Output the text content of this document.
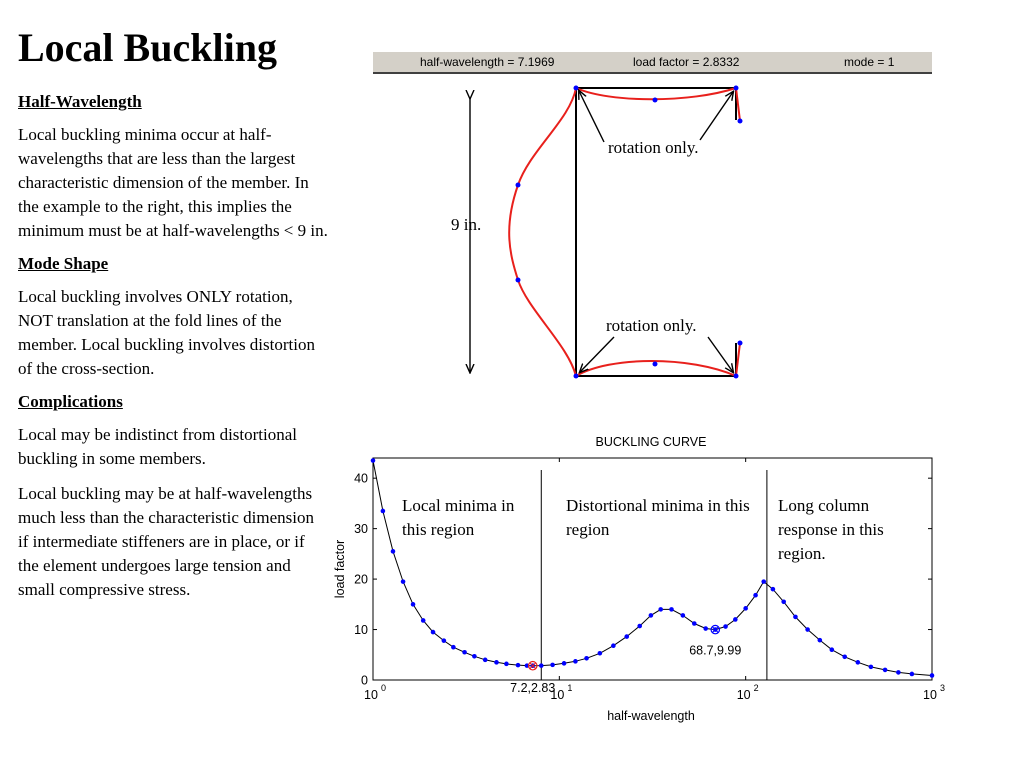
Local Buckling
Half-Wavelength

Local buckling minima occur at half-wavelengths that are less than the largest characteristic dimension of the member. In the example to the right, this implies the minimum must be at half-wavelengths < 9 in.

Mode Shape

Local buckling involves ONLY rotation, NOT translation at the fold lines of the member. Local buckling involves distortion of the cross-section.

Complications

Local may be indistinct from distortional buckling in some members.

Local buckling may be at half-wavelengths much less than the characteristic dimension if intermediate stiffeners are in place, or if the element undergoes large tension and small compressive stress.

half-wavelength = 7.1969	load factor = 2.8332	mode = 1
rotation only.
rotation only.
9 in.
BUCKLING CURVE
0
10
20
30
40
10 0	10 1	10 2	10 3
7.2,2.83
68.7,9.99
half-wavelength
load factor
Local minima in this region
Distortional minima in this region
Long column response in this region.
